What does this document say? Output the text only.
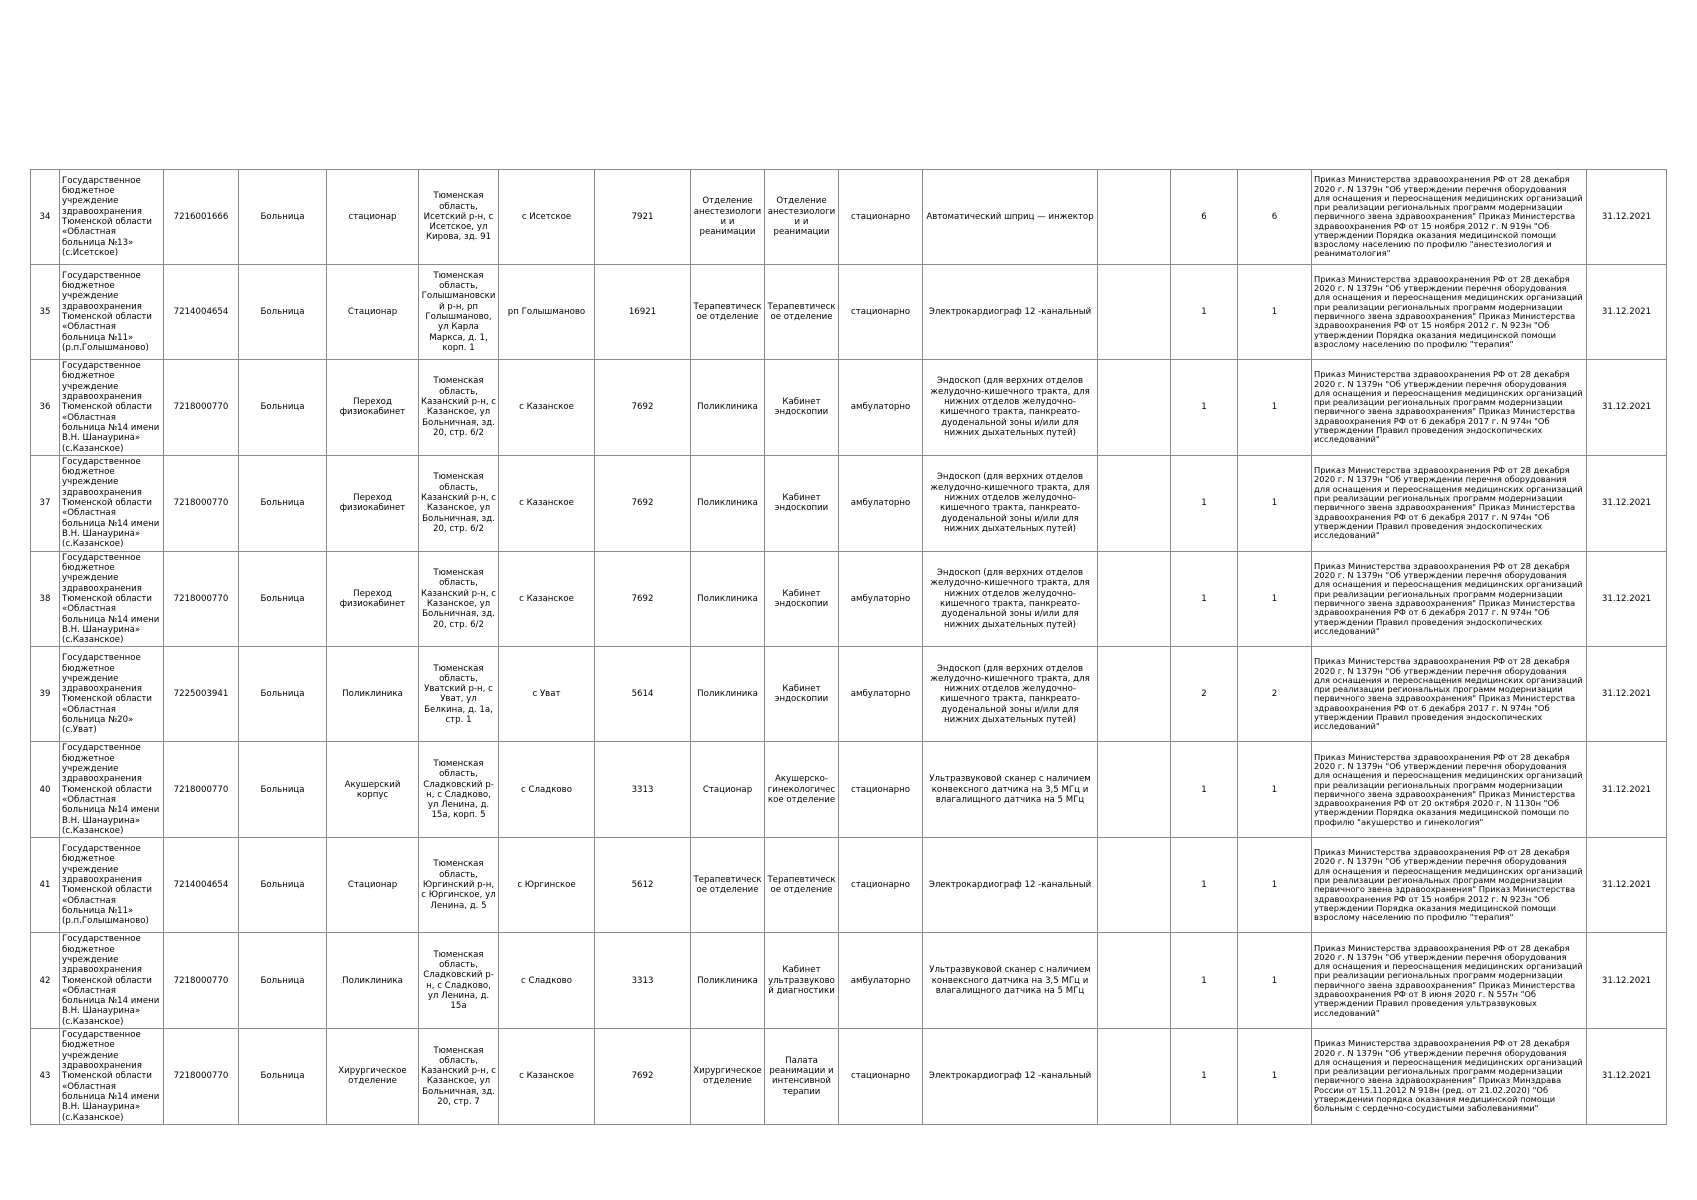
34	Государственное бюджетное учреждение здравоохранения Тюменской области «Областная больница №13» (с.Исетское)	7216001666	Больница	стационар	Тюменская область, Исетский р-н, с Исетское, ул Кирова, зд. 91	с Исетское	7921	Отделение анестезиологии и реанимации	Отделение анестезиологии и реанимации	стационарно	Автоматический шприц — инжектор		6	6	Приказ Министерства здравоохранения РФ от 28 декабря 2020 г. N 1379н "Об утверждении перечня оборудования для оснащения и переоснащения медицинских организаций при реализации региональных программ модернизации первичного звена здравоохранения" Приказ Министерства здравоохранения РФ от 15 ноября 2012 г. N 919н "Об утверждении Порядка оказания медицинской помощи взрослому населению по профилю "анестезиология и реаниматология"	31.12.2021
35	Государственное бюджетное учреждение здравоохранения Тюменской области «Областная больница №11» (р.п.Голышманово)	7214004654	Больница	Стационар	Тюменская область, Голышмановский р-н, рп Голышманово, ул Карла Маркса, д. 1, корп. 1	рп Голышманово	16921	Терапевтическое отделение	Терапевтическое отделение	стационарно	Электрокардиограф 12 -канальный		1	1	Приказ Министерства здравоохранения РФ от 28 декабря 2020 г. N 1379н "Об утверждении перечня оборудования для оснащения и переоснащения медицинских организаций при реализации региональных программ модернизации первичного звена здравоохранения" Приказ Министерства здравоохранения РФ от 15 ноября 2012 г. N 923н "Об утверждении Порядка оказания медицинской помощи взрослому населению по профилю "терапия"	31.12.2021
36	Государственное бюджетное учреждение здравоохранения Тюменской области «Областная больница №14 имени В.Н. Шанаурина» (с.Казанское)	7218000770	Больница	Переход физиокабинет	Тюменская область, Казанский р-н, с Казанское, ул Больничная, зд. 20, стр. 6/2	с Казанское	7692	Поликлиника	Кабинет эндоскопии	амбулаторно	Эндоскоп (для верхних отделов желудочно-кишечного тракта, для нижних отделов желудочно-кишечного тракта, панкреато-дуоденальной зоны и/или для нижних дыхательных путей)		1	1	Приказ Министерства здравоохранения РФ от 28 декабря 2020 г. N 1379н "Об утверждении перечня оборудования для оснащения и переоснащения медицинских организаций при реализации региональных программ модернизации первичного звена здравоохранения" Приказ Министерства здравоохранения РФ от 6 декабря 2017 г. N 974н "Об утверждении Правил проведения эндоскопических исследований"	31.12.2021
37	Государственное бюджетное учреждение здравоохранения Тюменской области «Областная больница №14 имени В.Н. Шанаурина» (с.Казанское)	7218000770	Больница	Переход физиокабинет	Тюменская область, Казанский р-н, с Казанское, ул Больничная, зд. 20, стр. 6/2	с Казанское	7692	Поликлиника	Кабинет эндоскопии	амбулаторно	Эндоскоп (для верхних отделов желудочно-кишечного тракта, для нижних отделов желудочно-кишечного тракта, панкреато-дуоденальной зоны и/или для нижних дыхательных путей)		1	1	Приказ Министерства здравоохранения РФ от 28 декабря 2020 г. N 1379н "Об утверждении перечня оборудования для оснащения и переоснащения медицинских организаций при реализации региональных программ модернизации первичного звена здравоохранения" Приказ Министерства здравоохранения РФ от 6 декабря 2017 г. N 974н "Об утверждении Правил проведения эндоскопических исследований"	31.12.2021
38	Государственное бюджетное учреждение здравоохранения Тюменской области «Областная больница №14 имени В.Н. Шанаурина» (с.Казанское)	7218000770	Больница	Переход физиокабинет	Тюменская область, Казанский р-н, с Казанское, ул Больничная, зд. 20, стр. 6/2	с Казанское	7692	Поликлиника	Кабинет эндоскопии	амбулаторно	Эндоскоп (для верхних отделов желудочно-кишечного тракта, для нижних отделов желудочно-кишечного тракта, панкреато-дуоденальной зоны и/или для нижних дыхательных путей)		1	1	Приказ Министерства здравоохранения РФ от 28 декабря 2020 г. N 1379н "Об утверждении перечня оборудования для оснащения и переоснащения медицинских организаций при реализации региональных программ модернизации первичного звена здравоохранения" Приказ Министерства здравоохранения РФ от 6 декабря 2017 г. N 974н "Об утверждении Правил проведения эндоскопических исследований"	31.12.2021
39	Государственное бюджетное учреждение здравоохранения Тюменской области «Областная больница №20» (с.Уват)	7225003941	Больница	Поликлиника	Тюменская область, Уватский р-н, с Уват, ул Белкина, д. 1а, стр. 1	с Уват	5614	Поликлиника	Кабинет эндоскопии	амбулаторно	Эндоскоп (для верхних отделов желудочно-кишечного тракта, для нижних отделов желудочно-кишечного тракта, панкреато-дуоденальной зоны и/или для нижних дыхательных путей)		2	2	Приказ Министерства здравоохранения РФ от 28 декабря 2020 г. N 1379н "Об утверждении перечня оборудования для оснащения и переоснащения медицинских организаций при реализации региональных программ модернизации первичного звена здравоохранения" Приказ Министерства здравоохранения РФ от 6 декабря 2017 г. N 974н "Об утверждении Правил проведения эндоскопических исследований"	31.12.2021
40	Государственное бюджетное учреждение здравоохранения Тюменской области «Областная больница №14 имени В.Н. Шанаурина» (с.Казанское)	7218000770	Больница	Акушерский корпус	Тюменская область, Сладковский р-н, с Сладково, ул Ленина, д. 15а, корп. 5	с Сладково	3313	Стационар	Акушерско-гинекологическое отделение	стационарно	Ультразвуковой сканер с наличием конвексного датчика на 3,5 МГц и влагалищного датчика на 5 МГц		1	1	Приказ Министерства здравоохранения РФ от 28 декабря 2020 г. N 1379н "Об утверждении перечня оборудования для оснащения и переоснащения медицинских организаций при реализации региональных программ модернизации первичного звена здравоохранения" Приказ Министерства здравоохранения РФ от 20 октября 2020 г. N 1130н "Об утверждении Порядка оказания медицинской помощи по профилю "акушерство и гинекология"	31.12.2021
41	Государственное бюджетное учреждение здравоохранения Тюменской области «Областная больница №11» (р.п.Голышманово)	7214004654	Больница	Стационар	Тюменская область, Юргинский р-н, с Юргинское, ул Ленина, д. 5	с Юргинское	5612	Терапевтическое отделение	Терапевтическое отделение	стационарно	Электрокардиограф 12 -канальный		1	1	Приказ Министерства здравоохранения РФ от 28 декабря 2020 г. N 1379н "Об утверждении перечня оборудования для оснащения и переоснащения медицинских организаций при реализации региональных программ модернизации первичного звена здравоохранения" Приказ Министерства здравоохранения РФ от 15 ноября 2012 г. N 923н "Об утверждении Порядка оказания медицинской помощи взрослому населению по профилю "терапия"	31.12.2021
42	Государственное бюджетное учреждение здравоохранения Тюменской области «Областная больница №14 имени В.Н. Шанаурина» (с.Казанское)	7218000770	Больница	Поликлиника	Тюменская область, Сладковский р-н, с Сладково, ул Ленина, д. 15а	с Сладково	3313	Поликлиника	Кабинет ультразвуковой диагностики	амбулаторно	Ультразвуковой сканер с наличием конвексного датчика на 3,5 МГц и влагалищного датчика на 5 МГц		1	1	Приказ Министерства здравоохранения РФ от 28 декабря 2020 г. N 1379н "Об утверждении перечня оборудования для оснащения и переоснащения медицинских организаций при реализации региональных программ модернизации первичного звена здравоохранения" Приказ Министерства здравоохранения РФ от 8 июня 2020 г. N 557н "Об утверждении Правил проведения ультразвуковых исследований"	31.12.2021
43	Государственное бюджетное учреждение здравоохранения Тюменской области «Областная больница №14 имени В.Н. Шанаурина» (с.Казанское)	7218000770	Больница	Хирургическое отделение	Тюменская область, Казанский р-н, с Казанское, ул Больничная, зд. 20, стр. 7	с Казанское	7692	Хирургическое отделение	Палата реанимации и интенсивной терапии	стационарно	Электрокардиограф 12 -канальный		1	1	Приказ Министерства здравоохранения РФ от 28 декабря 2020 г. N 1379н "Об утверждении перечня оборудования для оснащения и переоснащения медицинских организаций при реализации региональных программ модернизации первичного звена здравоохранения" Приказ Минздрава России от 15.11.2012 N 918н (ред. от 21.02.2020) "Об утверждении порядка оказания медицинской помощи больным с сердечно-сосудистыми заболеваниями"	31.12.2021
